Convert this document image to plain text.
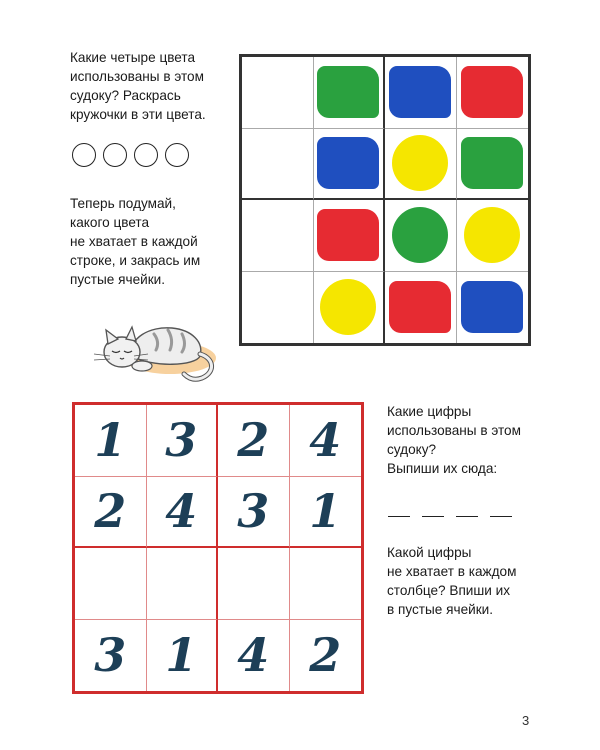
Какие четыре цвета
использованы в этом
судоку? Раскрась
кружочки в эти цвета.
Теперь подумай,
какого цвета
не хватает в каждой
строке, и закрась им
пустые ячейки.
1 3 2 4
2 4 3 1
3 1 4 2
Какие цифры
использованы в этом
судоку?
Выпиши их сюда:
Какой цифры
не хватает в каждом
столбце? Впиши их
в пустые ячейки.
3
